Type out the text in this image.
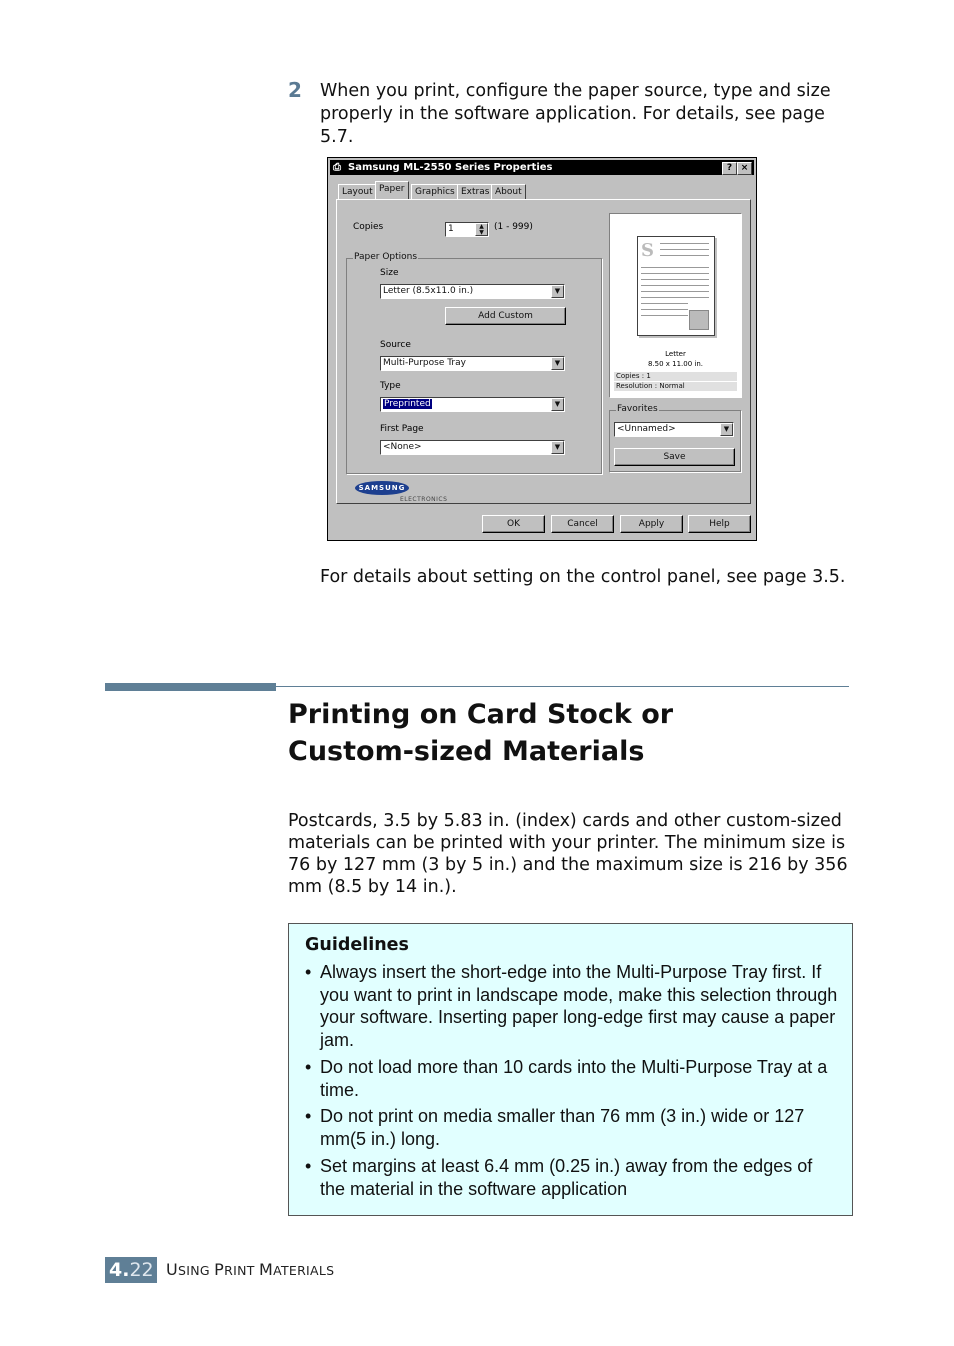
2 When you print, configure the paper source, type and size properly in the software application. For details, see page 5.7.
⎙ Samsung ML-2550 Series Properties	? ×
Layout Paper	Graphics Extras About
Copies	1	▲
▼
(1 - 999)
Paper Options
Size
Letter (8.5x11.0 in.)	▼
Add Custom
Source
Multi-Purpose Tray	▼
Type
Preprinted	▼
First Page
<None>	▼
S
Letter
8.50 x 11.00 in.
Copies : 1
Resolution : Normal
Favorites
<Unnamed>	▼
Save
SAMSUNG
ELECTRONICS
OK	Cancel	Apply	Help
For details about setting on the control panel, see page 3.5.
Printing on Card Stock or
Custom-sized Materials
Postcards, 3.5 by 5.83 in. (index) cards and other custom-sized materials can be printed with your printer. The minimum size is 76 by 127 mm (3 by 5 in.) and the maximum size is 216 by 356 mm (8.5 by 14 in.).
Guidelines
• Always insert the short-edge into the Multi-Purpose Tray first. If you want to print in landscape mode, make this selection through your software. Inserting paper long-edge first may cause a paper jam.
• Do not load more than 10 cards into the Multi-Purpose Tray at a time.
• Do not print on media smaller than 76 mm (3 in.) wide or 127 mm(5 in.) long.
• Set margins at least 6.4 mm (0.25 in.) away from the edges of the material in the software application
4.22 USING PRINT MATERIALS
